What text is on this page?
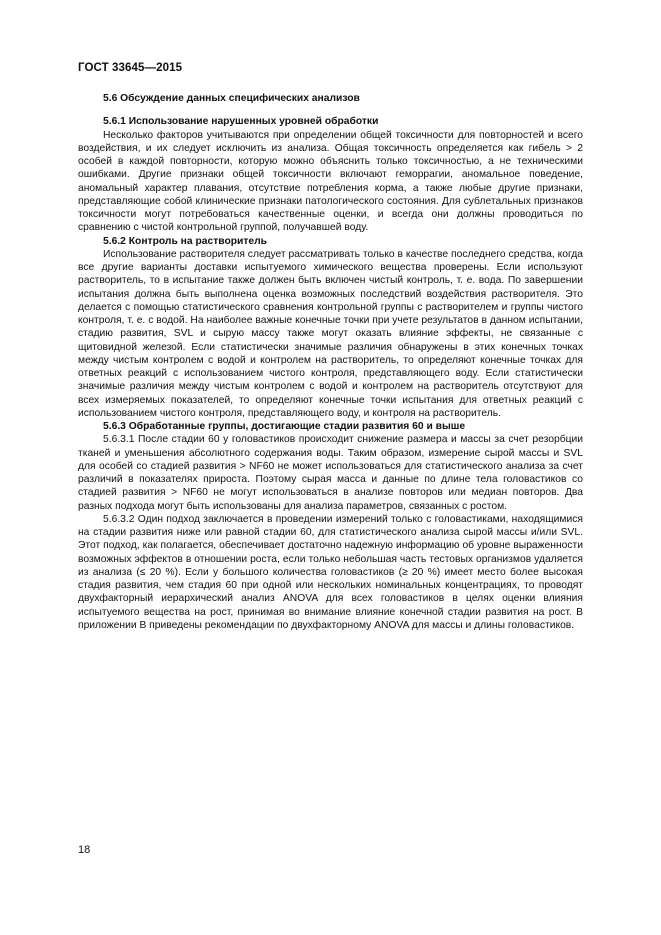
ГОСТ 33645—2015
5.6 Обсуждение данных специфических анализов
5.6.1 Использование нарушенных уровней обработки

Несколько факторов учитываются при определении общей токсичности для повторностей и всего воздействия, и их следует исключить из анализа. Общая токсичность определяется как гибель > 2 особей в каждой повторности, которую можно объяснить только токсичностью, а не техническими ошибками. Другие признаки общей токсичности включают геморрагии, аномальное поведение, аномальный характер плавания, отсутствие потребления корма, а также любые другие признаки, представляющие собой клинические признаки патологического состояния. Для сублетальных признаков токсичности могут потребоваться качественные оценки, и всегда они должны проводиться по сравнению с чистой контрольной группой, получавшей воду.

5.6.2 Контроль на растворитель

Использование растворителя следует рассматривать только в качестве последнего средства, когда все другие варианты доставки испытуемого химического вещества проверены. Если используют растворитель, то в испытание также должен быть включен чистый контроль, т. е. вода. По завершении испытания должна быть выполнена оценка возможных последствий воздействия растворителя. Это делается с помощью статистического сравнения контрольной группы с растворителем и группы чистого контроля, т. е. с водой. На наиболее важные конечные точки при учете результатов в данном испытании, стадию развития, SVL и сырую массу также могут оказать влияние эффекты, не связанные с щитовидной железой. Если статистически значимые различия обнаружены в этих конечных точках между чистым контролем с водой и контролем на растворитель, то определяют конечные точках для ответных реакций с использованием чистого контроля, представляющего воду. Если статистически значимые различия между чистым контролем с водой и контролем на растворитель отсутствуют для всех измеряемых показателей, то определяют конечные точки испытания для ответных реакций с использованием чистого контроля, представляющего воду, и контроля на растворитель.

5.6.3 Обработанные группы, достигающие стадии развития 60 и выше

5.6.3.1 После стадии 60 у головастиков происходит снижение размера и массы за счет резорбции тканей и уменьшения абсолютного содержания воды. Таким образом, измерение сырой массы и SVL для особей со стадией развития > NF60 не может использоваться для статистического анализа за счет различий в показателях прироста. Поэтому сырая масса и данные по длине тела головастиков со стадией развития > NF60 не могут использоваться в анализе повторов или медиан повторов. Два разных подхода могут быть использованы для анализа параметров, связанных с ростом.

5.6.3.2 Один подход заключается в проведении измерений только с головастиками, находящимися на стадии развития ниже или равной стадии 60, для статистического анализа сырой массы и/или SVL. Этот подход, как полагается, обеспечивает достаточно надежную информацию об уровне выраженности возможных эффектов в отношении роста, если только небольшая часть тестовых организмов удаляется из анализа (≤ 20 %). Если у большого количества головастиков (≥ 20 %) имеет место более высокая стадия развития, чем стадия 60 при одной или нескольких номинальных концентрациях, то проводят двухфакторный иерархический анализ ANOVA для всех головастиков в целях оценки влияния испытуемого вещества на рост, принимая во внимание влияние конечной стадии развития на рост. В приложении В приведены рекомендации по двухфакторному ANOVA для массы и длины головастиков.

18
